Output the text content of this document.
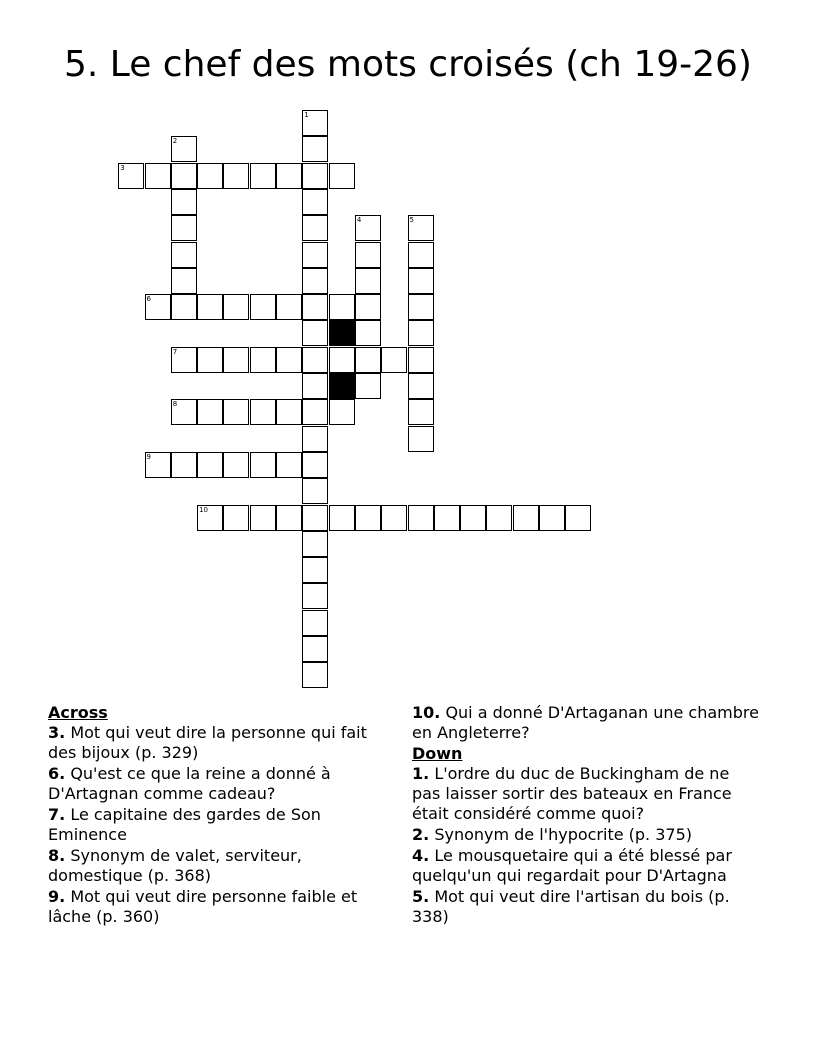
5. Le chef des mots croisés (ch 19-26)
1
2
3
4	5
6
7
8
9
10
Across
3. Mot qui veut dire la personne qui fait des bijoux (p. 329)
6. Qu'est ce que la reine a donné à D'Artagnan comme cadeau?
7. Le capitaine des gardes de Son Eminence
8. Synonym de valet, serviteur, domestique (p. 368)
9. Mot qui veut dire personne faible et lâche (p. 360)
10. Qui a donné D'Artaganan une chambre en Angleterre?
Down
1. L'ordre du duc de Buckingham de ne pas laisser sortir des bateaux en France était considéré comme quoi?
2. Synonym de l'hypocrite (p. 375)
4. Le mousquetaire qui a été blessé par quelqu'un qui regardait pour D'Artagna
5. Mot qui veut dire l'artisan du bois (p. 338)
